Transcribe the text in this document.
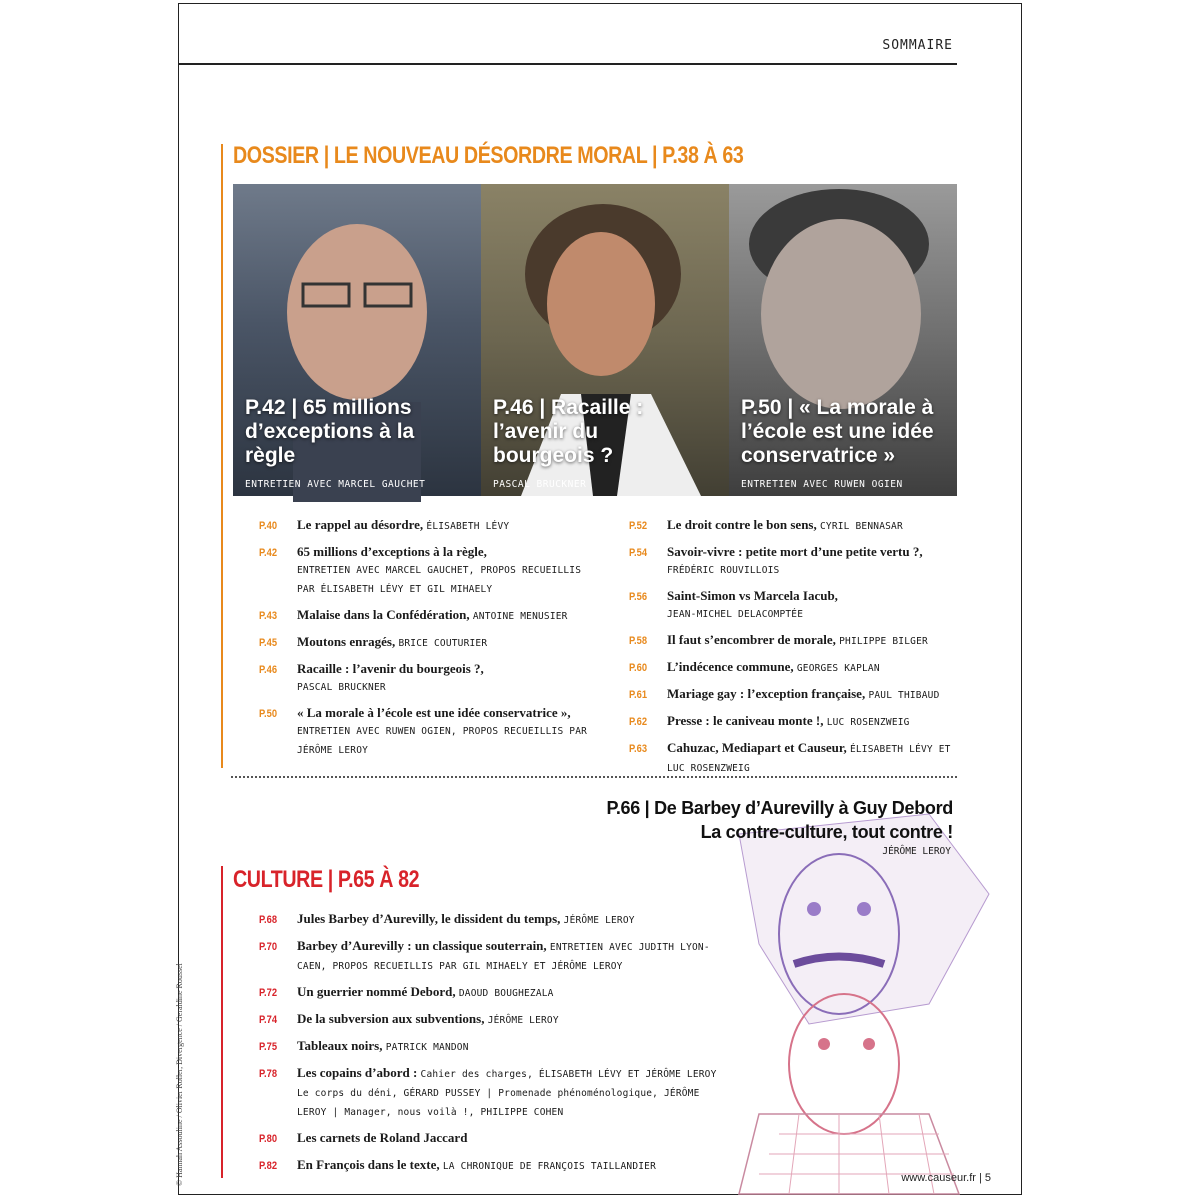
SOMMAIRE
DOSSIER | LE NOUVEAU DÉSORDRE MORAL | P.38 À 63
P.42 | 65 millions d’exceptions à la règle
ENTRETIEN AVEC MARCEL GAUCHET
P.46 | Racaille : l’avenir du bourgeois ?
PASCAL BRUCKNER
P.50 | « La morale à l’école est une idée conservatrice »
ENTRETIEN AVEC RUWEN OGIEN
P.40	Le rappel au désordre, ÉLISABETH LÉVY
P.42	65 millions d’exceptions à la règle,
ENTRETIEN AVEC MARCEL GAUCHET, PROPOS RECUEILLIS PAR ÉLISABETH LÉVY ET GIL MIHAELY
P.43	Malaise dans la Confédération, ANTOINE MENUSIER
P.45	Moutons enragés, BRICE COUTURIER
P.46	Racaille : l’avenir du bourgeois ?,
PASCAL BRUCKNER
P.50	« La morale à l’école est une idée conservatrice », ENTRETIEN AVEC RUWEN OGIEN, PROPOS RECUEILLIS PAR JÉRÔME LEROY
P.52	Le droit contre le bon sens, CYRIL BENNASAR
P.54	Savoir-vivre : petite mort d’une petite vertu ?,
FRÉDÉRIC ROUVILLOIS
P.56	Saint-Simon vs Marcela Iacub,
JEAN-MICHEL DELACOMPTÉE
P.58	Il faut s’encombrer de morale, PHILIPPE BILGER
P.60	L’indécence commune, GEORGES KAPLAN
P.61	Mariage gay : l’exception française, PAUL THIBAUD
P.62	Presse : le caniveau monte !, LUC ROSENZWEIG
P.63	Cahuzac, Mediapart et Causeur, ÉLISABETH LÉVY ET LUC ROSENZWEIG
P.66 | De Barbey d’Aurevilly à Guy Debord
La contre-culture, tout contre !
JÉRÔME LEROY
CULTURE | P.65 À 82
P.68	Jules Barbey d’Aurevilly, le dissident du temps, JÉRÔME LEROY
P.70	Barbey d’Aurevilly : un classique souterrain, ENTRETIEN AVEC JUDITH LYON-CAEN, PROPOS RECUEILLIS PAR GIL MIHAELY ET JÉRÔME LEROY
P.72	Un guerrier nommé Debord, DAOUD BOUGHEZALA
P.74	De la subversion aux subventions, JÉRÔME LEROY
P.75	Tableaux noirs, PATRICK MANDON
P.78	Les copains d’abord : Cahier des charges, ÉLISABETH LÉVY ET JÉRÔME LEROY Le corps du déni, GÉRARD PUSSEY | Promenade phénoménologique, JÉRÔME LEROY | Manager, nous voilà !, PHILIPPE COHEN
P.80	Les carnets de Roland Jaccard
P.82	En François dans le texte, LA CHRONIQUE DE FRANÇOIS TAILLANDIER
www.causeur.fr | 5
© Hannah Assouline / Olivier Roller, Divergence / Geraldine Roussel
